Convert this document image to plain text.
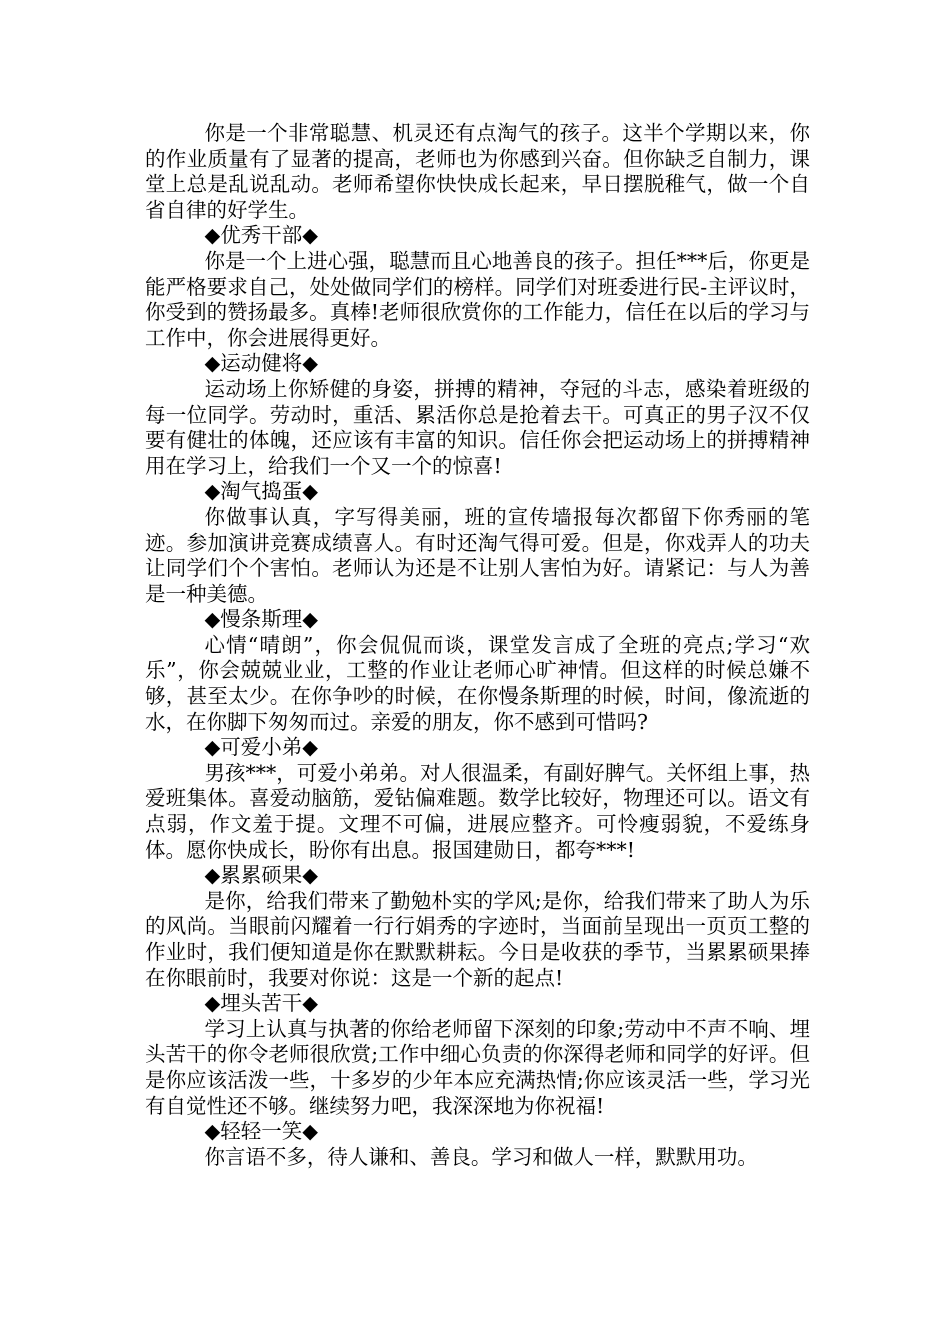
你是一个非常聪慧、机灵还有点淘气的孩子。这半个学期以来，你的作业质量有了显著的提高，老师也为你感到兴奋。但你缺乏自制力，课堂上总是乱说乱动。老师希望你快快成长起来，早日摆脱稚气，做一个自省自律的好学生。

◆优秀干部◆

你是一个上进心强，聪慧而且心地善良的孩子。担任***后，你更是能严格要求自己，处处做同学们的榜样。同学们对班委进行民-主评议时，你受到的赞扬最多。真棒!老师很欣赏你的工作能力，信任在以后的学习与工作中，你会进展得更好。

◆运动健将◆

运动场上你矫健的身姿，拼搏的精神，夺冠的斗志，感染着班级的每一位同学。劳动时，重活、累活你总是抢着去干。可真正的男子汉不仅要有健壮的体魄，还应该有丰富的知识。信任你会把运动场上的拼搏精神用在学习上，给我们一个又一个的惊喜!

◆淘气捣蛋◆

你做事认真，字写得美丽，班的宣传墙报每次都留下你秀丽的笔迹。参加演讲竞赛成绩喜人。有时还淘气得可爱。但是，你戏弄人的功夫让同学们个个害怕。老师认为还是不让别人害怕为好。请紧记：与人为善是一种美德。

◆慢条斯理◆

心情“晴朗”，你会侃侃而谈，课堂发言成了全班的亮点;学习“欢乐”，你会兢兢业业，工整的作业让老师心旷神情。但这样的时候总嫌不够，甚至太少。在你争吵的时候，在你慢条斯理的时候，时间，像流逝的水，在你脚下匆匆而过。亲爱的朋友，你不感到可惜吗?

◆可爱小弟◆

男孩***，可爱小弟弟。对人很温柔，有副好脾气。关怀组上事，热爱班集体。喜爱动脑筋，爱钻偏难题。数学比较好，物理还可以。语文有点弱，作文羞于提。文理不可偏，进展应整齐。可怜瘦弱貌，不爱练身体。愿你快成长，盼你有出息。报国建勋日，都夸***!

◆累累硕果◆

是你，给我们带来了勤勉朴实的学风;是你，给我们带来了助人为乐的风尚。当眼前闪耀着一行行娟秀的字迹时，当面前呈现出一页页工整的作业时，我们便知道是你在默默耕耘。今日是收获的季节，当累累硕果捧在你眼前时，我要对你说：这是一个新的起点!

◆埋头苦干◆

学习上认真与执著的你给老师留下深刻的印象;劳动中不声不响、埋头苦干的你令老师很欣赏;工作中细心负责的你深得老师和同学的好评。但是你应该活泼一些，十多岁的少年本应充满热情;你应该灵活一些，学习光有自觉性还不够。继续努力吧，我深深地为你祝福!

◆轻轻一笑◆

你言语不多，待人谦和、善良。学习和做人一样，默默用功。
